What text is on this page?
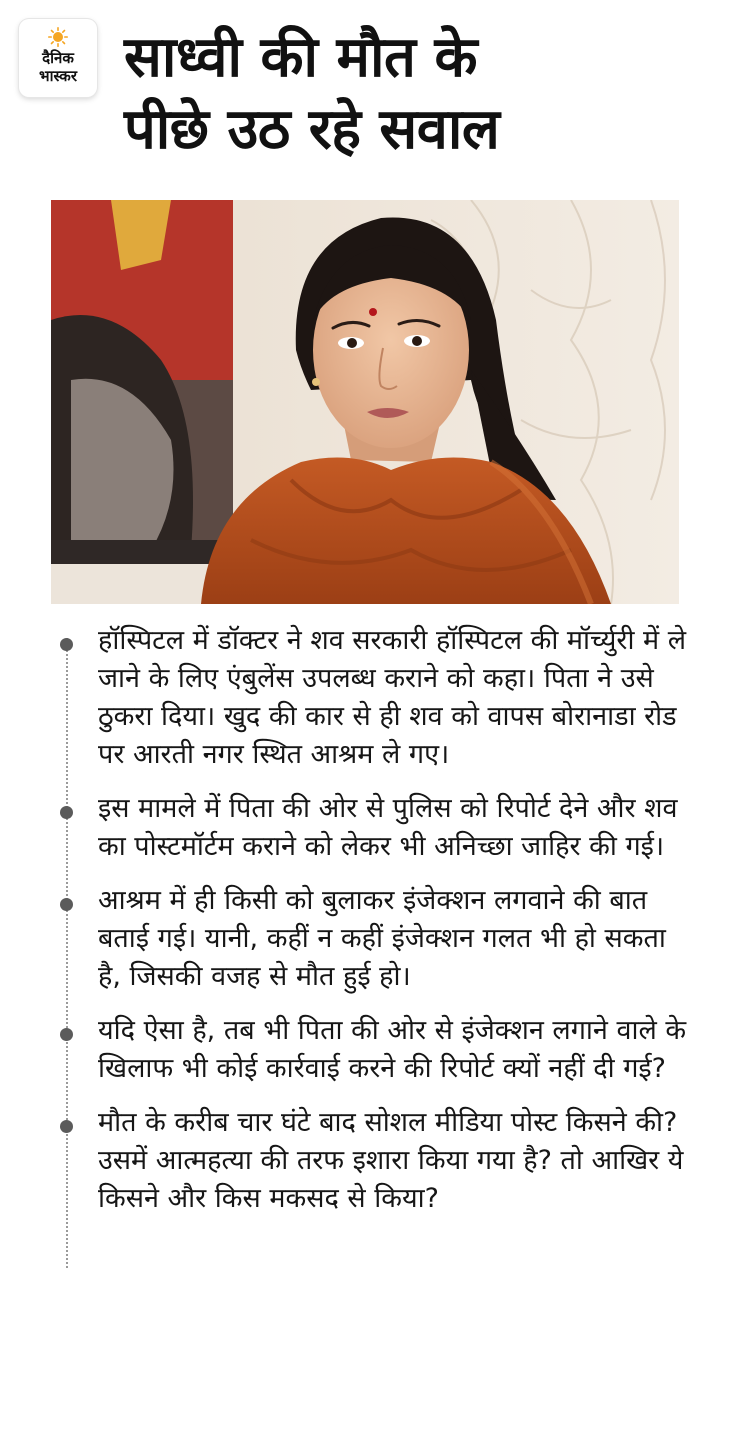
दैनिक
भास्कर साध्वी की मौत के
पीछे उठ रहे सवाल
हॉस्पिटल में डॉक्टर ने शव सरकारी हॉस्पिटल की मॉर्च्युरी में ले जाने के लिए एंबुलेंस उपलब्ध कराने को कहा। पिता ने उसे ठुकरा दिया। खुद की कार से ही शव को वापस बोरानाडा रोड पर आरती नगर स्थित आश्रम ले गए।
इस मामले में पिता की ओर से पुलिस को रिपोर्ट देने और शव का पोस्टमॉर्टम कराने को लेकर भी अनिच्छा जाहिर की गई।
आश्रम में ही किसी को बुलाकर इंजेक्शन लगवाने की बात बताई गई। यानी, कहीं न कहीं इंजेक्शन गलत भी हो सकता है, जिसकी वजह से मौत हुई हो।
यदि ऐसा है, तब भी पिता की ओर से इंजेक्शन लगाने वाले के खिलाफ भी कोई कार्रवाई करने की रिपोर्ट क्यों नहीं दी गई?
मौत के करीब चार घंटे बाद सोशल मीडिया पोस्ट किसने की? उसमें आत्महत्या की तरफ इशारा किया गया है? तो आखिर ये किसने और किस मकसद से किया?
